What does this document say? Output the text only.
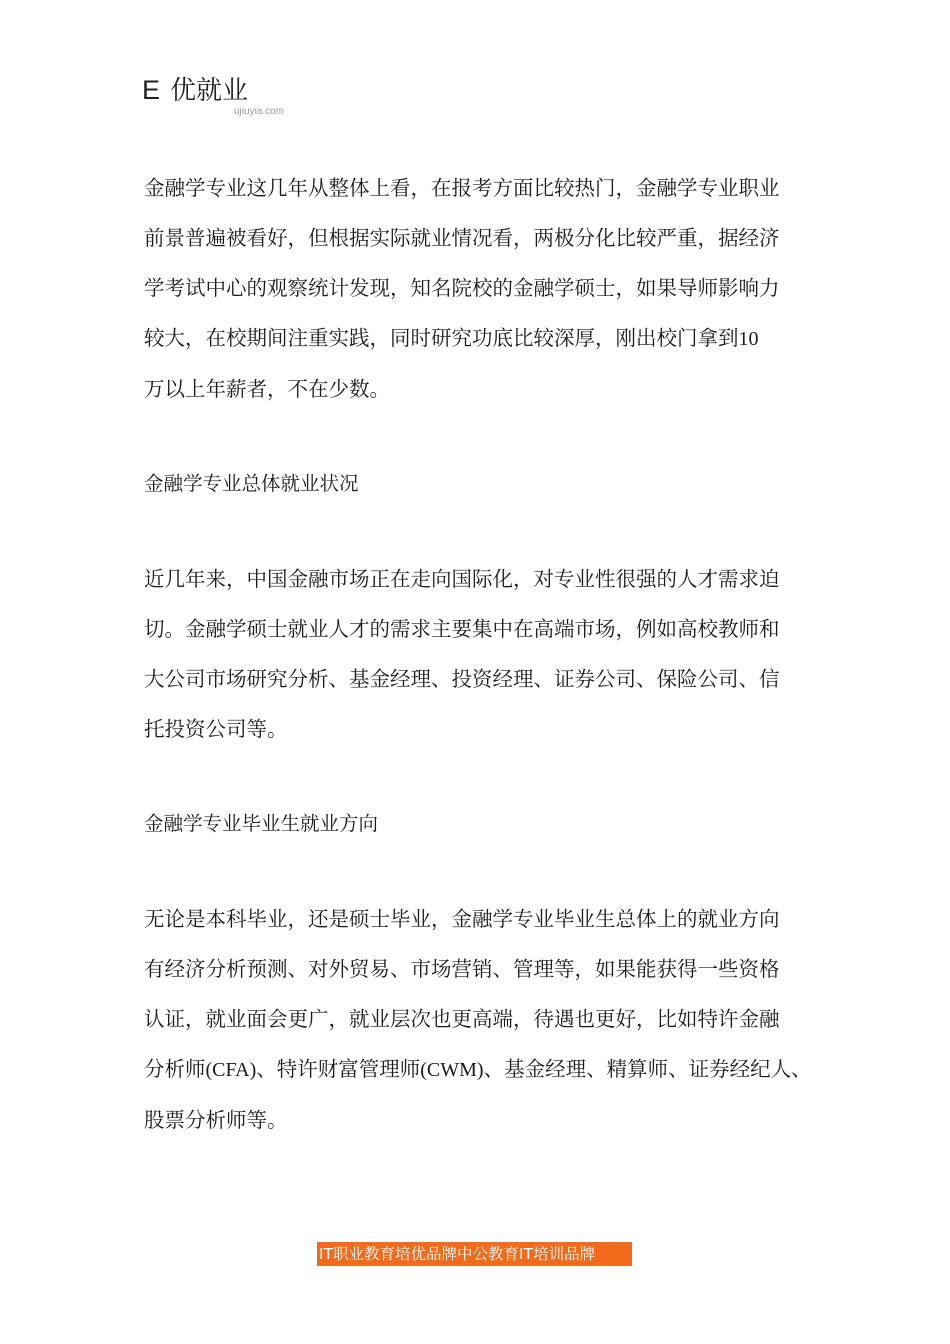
E 优就业
ujiuyia.com

金融学专业这几年从整体上看，在报考方面比较热门，金融学专业职业

前景普遍被看好，但根据实际就业情况看，两极分化比较严重，据经济

学考试中心的观察统计发现，知名院校的金融学硕士，如果导师影响力

较大，在校期间注重实践，同时研究功底比较深厚，刚出校门拿到10

万以上年薪者，不在少数。

金融学专业总体就业状况

近几年来，中国金融市场正在走向国际化，对专业性很强的人才需求迫

切。金融学硕士就业人才的需求主要集中在高端市场，例如高校教师和

大公司市场研究分析、基金经理、投资经理、证券公司、保险公司、信

托投资公司等。

金融学专业毕业生就业方向

无论是本科毕业，还是硕士毕业，金融学专业毕业生总体上的就业方向

有经济分析预测、对外贸易、市场营销、管理等，如果能获得一些资格

认证，就业面会更广，就业层次也更高端，待遇也更好，比如特许金融

分析师(CFA)、特许财富管理师(CWM)、基金经理、精算师、证券经纪人、

股票分析师等。

IT职业教育培优品牌中公教育IT培训品牌
